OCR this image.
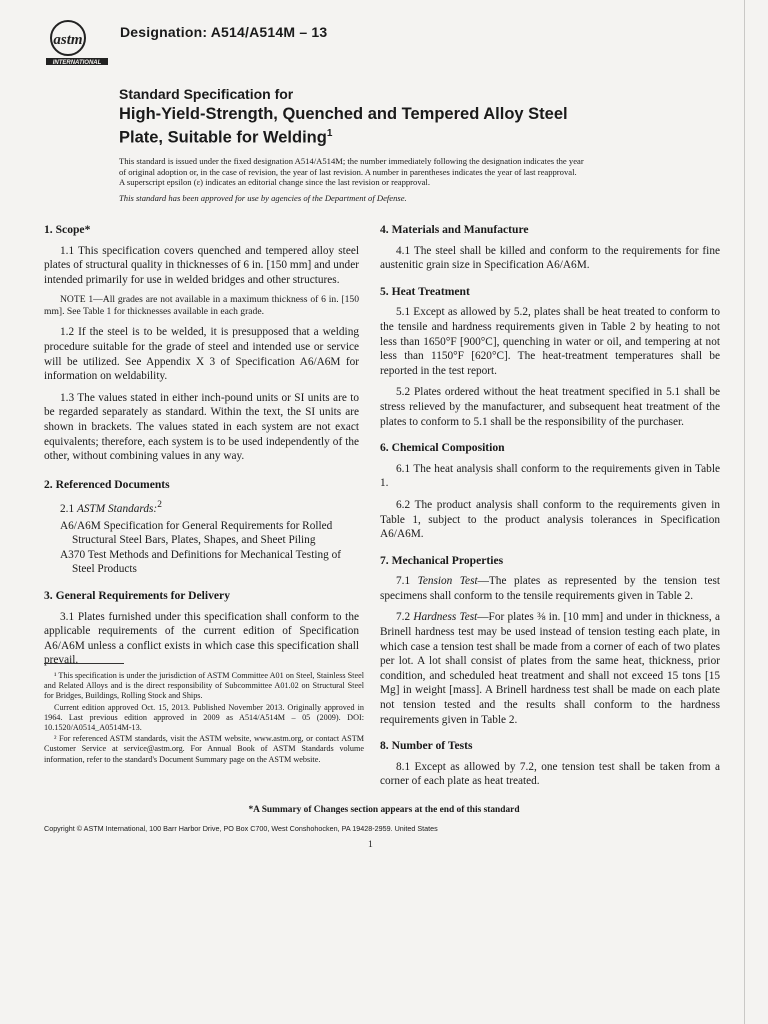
astm
INTERNATIONAL
Designation: A514/A514M – 13
Standard Specification for
High-Yield-Strength, Quenched and Tempered Alloy Steel
Plate, Suitable for Welding$^1$
This standard is issued under the fixed designation A514/A514M; the number immediately following the designation indicates the year
of original adoption or, in the case of revision, the year of last revision. A number in parentheses indicates the year of last reapproval.
A superscript epsilon (ε) indicates an editorial change since the last revision or reapproval.
This standard has been approved for use by agencies of the Department of Defense.
1. Scope*

1.1 This specification covers quenched and tempered alloy steel plates of structural quality in thicknesses of 6 in. [150 mm] and under intended primarily for use in welded bridges and other structures.

NOTE 1—All grades are not available in a maximum thickness of 6 in. [150 mm]. See Table 1 for thicknesses available in each grade.

1.2 If the steel is to be welded, it is presupposed that a welding procedure suitable for the grade of steel and intended use or service will be utilized. See Appendix X 3 of Specification A6/A6M for information on weldability.

1.3 The values stated in either inch-pound units or SI units are to be regarded separately as standard. Within the text, the SI units are shown in brackets. The values stated in each system are not exact equivalents; therefore, each system is to be used independently of the other, without combining values in any way.

2. Referenced Documents

2.1 ASTM Standards:$^2$

A6/A6M Specification for General Requirements for Rolled Structural Steel Bars, Plates, Shapes, and Sheet Piling
A370 Test Methods and Definitions for Mechanical Testing of Steel Products
3. General Requirements for Delivery

3.1 Plates furnished under this specification shall conform to the applicable requirements of the current edition of Specification A6/A6M unless a conflict exists in which case this specification shall prevail.

¹ This specification is under the jurisdiction of ASTM Committee A01 on Steel, Stainless Steel and Related Alloys and is the direct responsibility of Subcommittee A01.02 on Structural Steel for Bridges, Buildings, Rolling Stock and Ships.

Current edition approved Oct. 15, 2013. Published November 2013. Originally approved in 1964. Last previous edition approved in 2009 as A514/A514M – 05 (2009). DOI: 10.1520/A0514_A0514M-13.

² For referenced ASTM standards, visit the ASTM website, www.astm.org, or contact ASTM Customer Service at service@astm.org. For Annual Book of ASTM Standards volume information, refer to the standard's Document Summary page on the ASTM website.

4. Materials and Manufacture

4.1 The steel shall be killed and conform to the requirements for fine austenitic grain size in Specification A6/A6M.

5. Heat Treatment

5.1 Except as allowed by 5.2, plates shall be heat treated to conform to the tensile and hardness requirements given in Table 2 by heating to not less than 1650°F [900°C], quenching in water or oil, and tempering at not less than 1150°F [620°C]. The heat-treatment temperatures shall be reported in the test report.

5.2 Plates ordered without the heat treatment specified in 5.1 shall be stress relieved by the manufacturer, and subsequent heat treatment of the plates to conform to 5.1 shall be the responsibility of the purchaser.

6. Chemical Composition

6.1 The heat analysis shall conform to the requirements given in Table 1.

6.2 The product analysis shall conform to the requirements given in Table 1, subject to the product analysis tolerances in Specification A6/A6M.

7. Mechanical Properties

7.1 Tension Test—The plates as represented by the tension test specimens shall conform to the tensile requirements given in Table 2.

7.2 Hardness Test—For plates ⅜ in. [10 mm] and under in thickness, a Brinell hardness test may be used instead of tension testing each plate, in which case a tension test shall be made from a corner of each of two plates per lot. A lot shall consist of plates from the same heat, thickness, prior condition, and scheduled heat treatment and shall not exceed 15 tons [15 Mg] in weight [mass]. A Brinell hardness test shall be made on each plate not tension tested and the results shall conform to the hardness requirements given in Table 2.

8. Number of Tests

8.1 Except as allowed by 7.2, one tension test shall be taken from a corner of each plate as heat treated.

*A Summary of Changes section appears at the end of this standard
Copyright © ASTM International, 100 Barr Harbor Drive, PO Box C700, West Conshohocken, PA 19428-2959. United States
1
